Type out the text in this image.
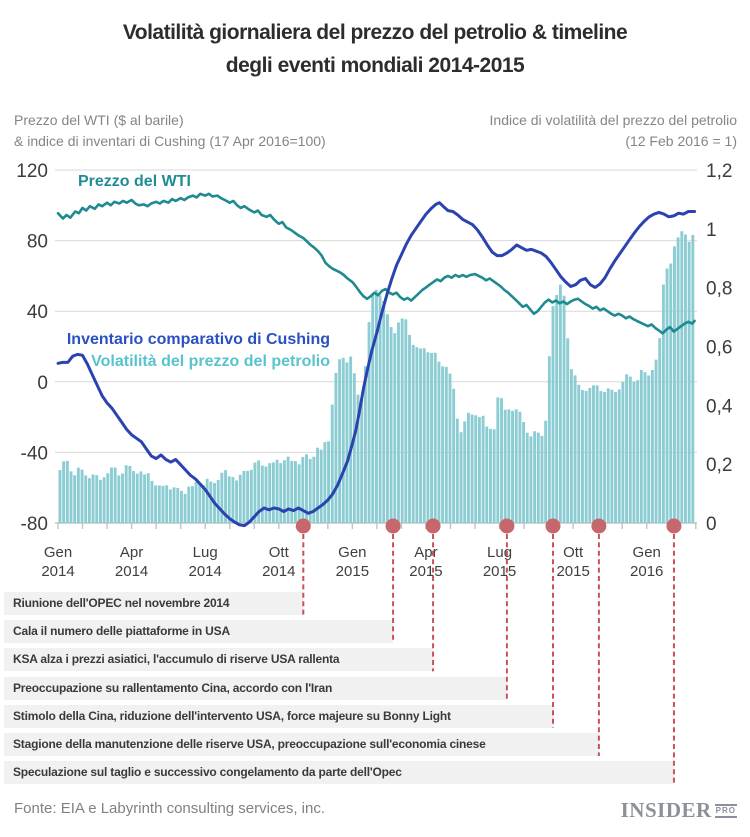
Volatilità giornaliera del prezzo del petrolio & timeline
degli eventi mondiali 2014-2015
Prezzo del WTI ($ al barile)
& indice di inventari di Cushing (17 Apr 2016=100)
Indice di volatilità del prezzo del petrolio
(12 Feb 2016 = 1)
Riunione dell'OPEC nel novembre 2014
Cala il numero delle piattaforme in USA
KSA alza i prezzi asiatici, l'accumulo di riserve USA rallenta
Preoccupazione su rallentamento Cina, accordo con l'Iran
Stimolo della Cina, riduzione dell'intervento USA, force majeure su Bonny Light
Stagione della manutenzione delle riserve USA, preoccupazione sull'economia cinese
Speculazione sul taglio e successivo congelamento da parte dell'Opec
120
80
40
0
-40
-80
1,2
1
0,8
0,6
0,4
0,2
0
Gen
2014
Apr
2014
Lug
2014
Ott
2014
Gen
2015
Apr
2015
Lug
2015
Ott
2015
Gen
2016
Prezzo del WTI
Inventario comparativo di Cushing
Volatilità del prezzo del petrolio
Fonte: EIA e Labyrinth consulting services, inc.	INSIDER PRO
